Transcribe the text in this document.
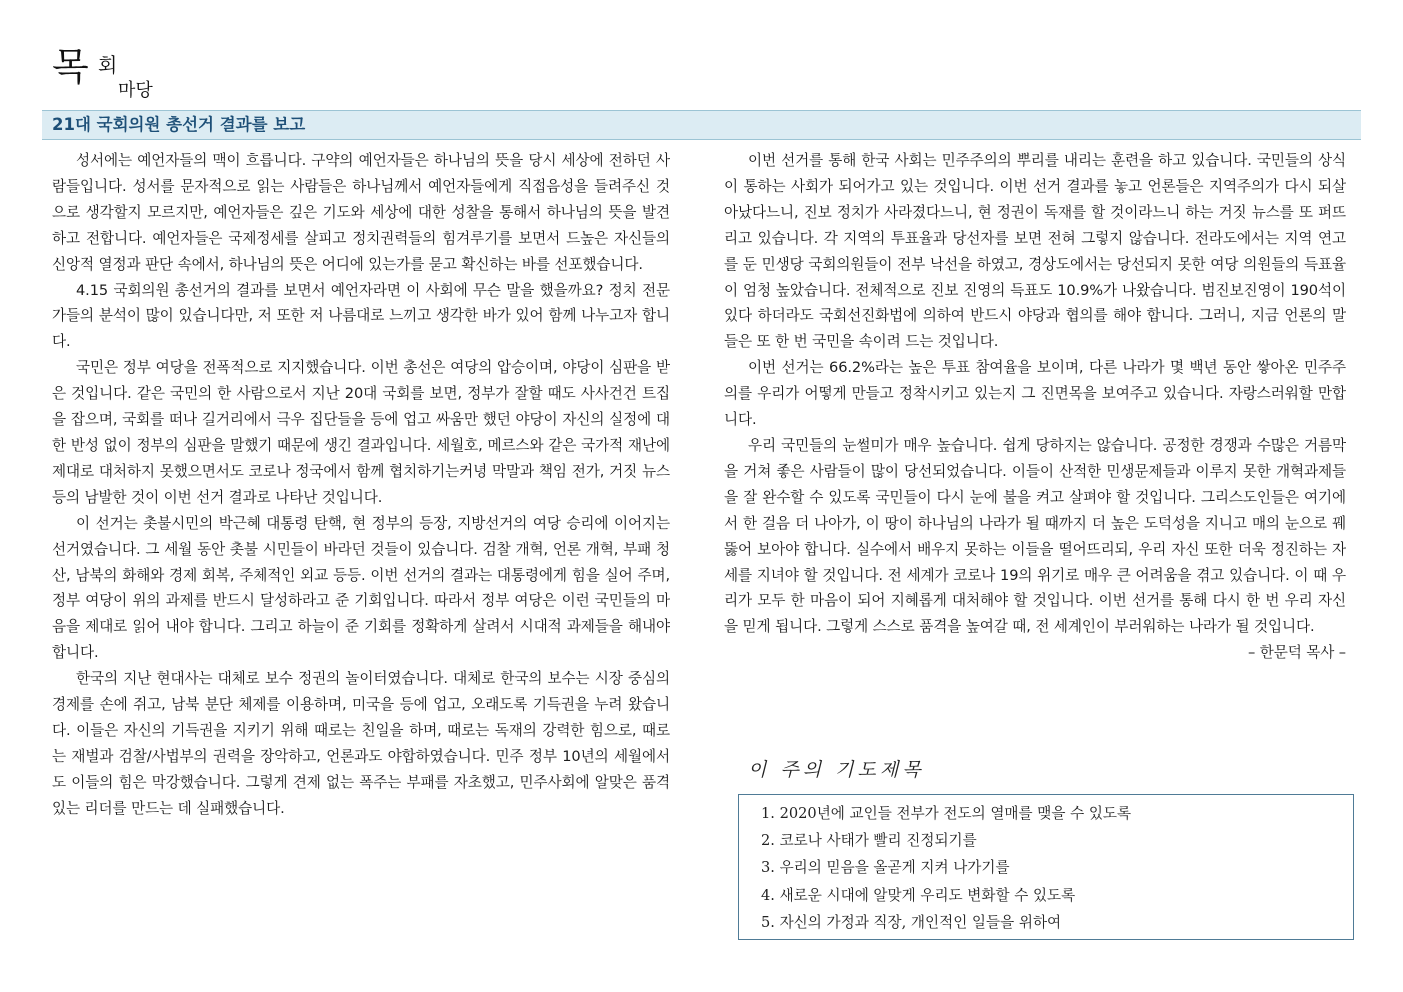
목 회
마당
21대 국회의원 총선거 결과를 보고

성서에는 예언자들의 맥이 흐릅니다. 구약의 예언자들은 하나님의 뜻을 당시 세상에 전하던 사람들입니다. 성서를 문자적으로 읽는 사람들은 하나님께서 예언자들에게 직접음성을 들려주신 것으로 생각할지 모르지만, 예언자들은 깊은 기도와 세상에 대한 성찰을 통해서 하나님의 뜻을 발견하고 전합니다. 예언자들은 국제정세를 살피고 정치권력들의 힘겨루기를 보면서 드높은 자신들의 신앙적 열정과 판단 속에서, 하나님의 뜻은 어디에 있는가를 묻고 확신하는 바를 선포했습니다.

4.15 국회의원 총선거의 결과를 보면서 예언자라면 이 사회에 무슨 말을 했을까요? 정치 전문가들의 분석이 많이 있습니다만, 저 또한 저 나름대로 느끼고 생각한 바가 있어 함께 나누고자 합니다.

국민은 정부 여당을 전폭적으로 지지했습니다. 이번 총선은 여당의 압승이며, 야당이 심판을 받은 것입니다. 같은 국민의 한 사람으로서 지난 20대 국회를 보면, 정부가 잘할 때도 사사건건 트집을 잡으며, 국회를 떠나 길거리에서 극우 집단들을 등에 업고 싸움만 했던 야당이 자신의 실정에 대한 반성 없이 정부의 심판을 말했기 때문에 생긴 결과입니다. 세월호, 메르스와 같은 국가적 재난에 제대로 대처하지 못했으면서도 코로나 정국에서 함께 협치하기는커녕 막말과 책임 전가, 거짓 뉴스 등의 남발한 것이 이번 선거 결과로 나타난 것입니다.

이 선거는 촛불시민의 박근혜 대통령 탄핵, 현 정부의 등장, 지방선거의 여당 승리에 이어지는 선거였습니다. 그 세월 동안 촛불 시민들이 바라던 것들이 있습니다. 검찰 개혁, 언론 개혁, 부패 청산, 남북의 화해와 경제 회복, 주체적인 외교 등등. 이번 선거의 결과는 대통령에게 힘을 실어 주며, 정부 여당이 위의 과제를 반드시 달성하라고 준 기회입니다. 따라서 정부 여당은 이런 국민들의 마음을 제대로 읽어 내야 합니다. 그리고 하늘이 준 기회를 정확하게 살려서 시대적 과제들을 해내야 합니다.

한국의 지난 현대사는 대체로 보수 정권의 놀이터였습니다. 대체로 한국의 보수는 시장 중심의 경제를 손에 쥐고, 남북 분단 체제를 이용하며, 미국을 등에 업고, 오래도록 기득권을 누려 왔습니다. 이들은 자신의 기득권을 지키기 위해 때로는 친일을 하며, 때로는 독재의 강력한 힘으로, 때로는 재벌과 검찰/사법부의 권력을 장악하고, 언론과도 야합하였습니다. 민주 정부 10년의 세월에서도 이들의 힘은 막강했습니다. 그렇게 견제 없는 폭주는 부패를 자초했고, 민주사회에 알맞은 품격 있는 리더를 만드는 데 실패했습니다.

이번 선거를 통해 한국 사회는 민주주의의 뿌리를 내리는 훈련을 하고 있습니다. 국민들의 상식이 통하는 사회가 되어가고 있는 것입니다. 이번 선거 결과를 놓고 언론들은 지역주의가 다시 되살아났다느니, 진보 정치가 사라졌다느니, 현 정권이 독재를 할 것이라느니 하는 거짓 뉴스를 또 퍼뜨리고 있습니다. 각 지역의 투표율과 당선자를 보면 전혀 그렇지 않습니다. 전라도에서는 지역 연고를 둔 민생당 국회의원들이 전부 낙선을 하였고, 경상도에서는 당선되지 못한 여당 의원들의 득표율이 엄청 높았습니다. 전체적으로 진보 진영의 득표도 10.9%가 나왔습니다. 범진보진영이 190석이 있다 하더라도 국회선진화법에 의하여 반드시 야당과 협의를 해야 합니다. 그러니, 지금 언론의 말들은 또 한 번 국민을 속이려 드는 것입니다.

이번 선거는 66.2%라는 높은 투표 참여율을 보이며, 다른 나라가 몇 백년 동안 쌓아온 민주주의를 우리가 어떻게 만들고 정착시키고 있는지 그 진면목을 보여주고 있습니다. 자랑스러워할 만합니다.

우리 국민들의 눈썰미가 매우 높습니다. 쉽게 당하지는 않습니다. 공정한 경쟁과 수많은 거름막을 거쳐 좋은 사람들이 많이 당선되었습니다. 이들이 산적한 민생문제들과 이루지 못한 개혁과제들을 잘 완수할 수 있도록 국민들이 다시 눈에 불을 켜고 살펴야 할 것입니다. 그리스도인들은 여기에서 한 걸음 더 나아가, 이 땅이 하나님의 나라가 될 때까지 더 높은 도덕성을 지니고 매의 눈으로 꿰뚫어 보아야 합니다. 실수에서 배우지 못하는 이들을 떨어뜨리되, 우리 자신 또한 더욱 정진하는 자세를 지녀야 할 것입니다. 전 세계가 코로나 19의 위기로 매우 큰 어려움을 겪고 있습니다. 이 때 우리가 모두 한 마음이 되어 지혜롭게 대처해야 할 것입니다. 이번 선거를 통해 다시 한 번 우리 자신을 믿게 됩니다. 그렇게 스스로 품격을 높여갈 때, 전 세계인이 부러워하는 나라가 될 것입니다.

– 한문덕 목사 –

이 주의 기도제목
1. 2020년에 교인들 전부가 전도의 열매를 맺을 수 있도록
2. 코로나 사태가 빨리 진정되기를
3. 우리의 믿음을 올곧게 지켜 나가기를
4. 새로운 시대에 알맞게 우리도 변화할 수 있도록
5. 자신의 가정과 직장, 개인적인 일들을 위하여
